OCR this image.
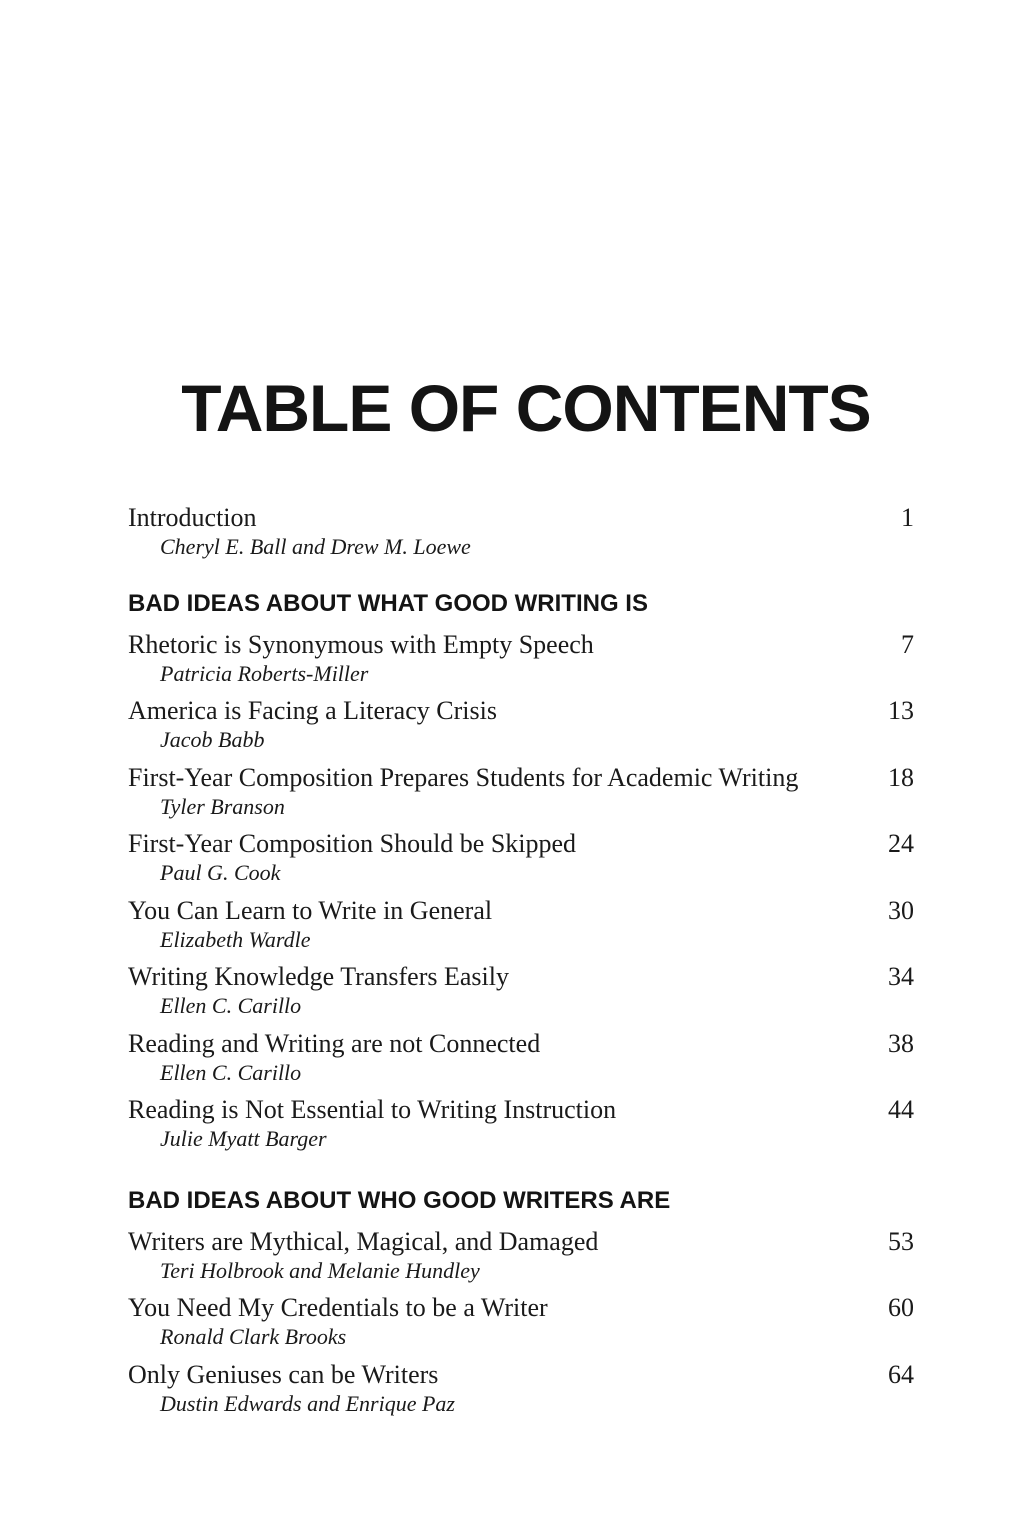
TABLE OF CONTENTS
Introduction	1
Cheryl E. Ball and Drew M. Loewe
BAD IDEAS ABOUT WHAT GOOD WRITING IS
Rhetoric is Synonymous with Empty Speech	7
Patricia Roberts-Miller
America is Facing a Literacy Crisis	13
Jacob Babb
First-Year Composition Prepares Students for Academic Writing	18
Tyler Branson
First-Year Composition Should be Skipped	24
Paul G. Cook
You Can Learn to Write in General	30
Elizabeth Wardle
Writing Knowledge Transfers Easily	34
Ellen C. Carillo
Reading and Writing are not Connected	38
Ellen C. Carillo
Reading is Not Essential to Writing Instruction	44
Julie Myatt Barger
BAD IDEAS ABOUT WHO GOOD WRITERS ARE
Writers are Mythical, Magical, and Damaged	53
Teri Holbrook and Melanie Hundley
You Need My Credentials to be a Writer	60
Ronald Clark Brooks
Only Geniuses can be Writers	64
Dustin Edwards and Enrique Paz
